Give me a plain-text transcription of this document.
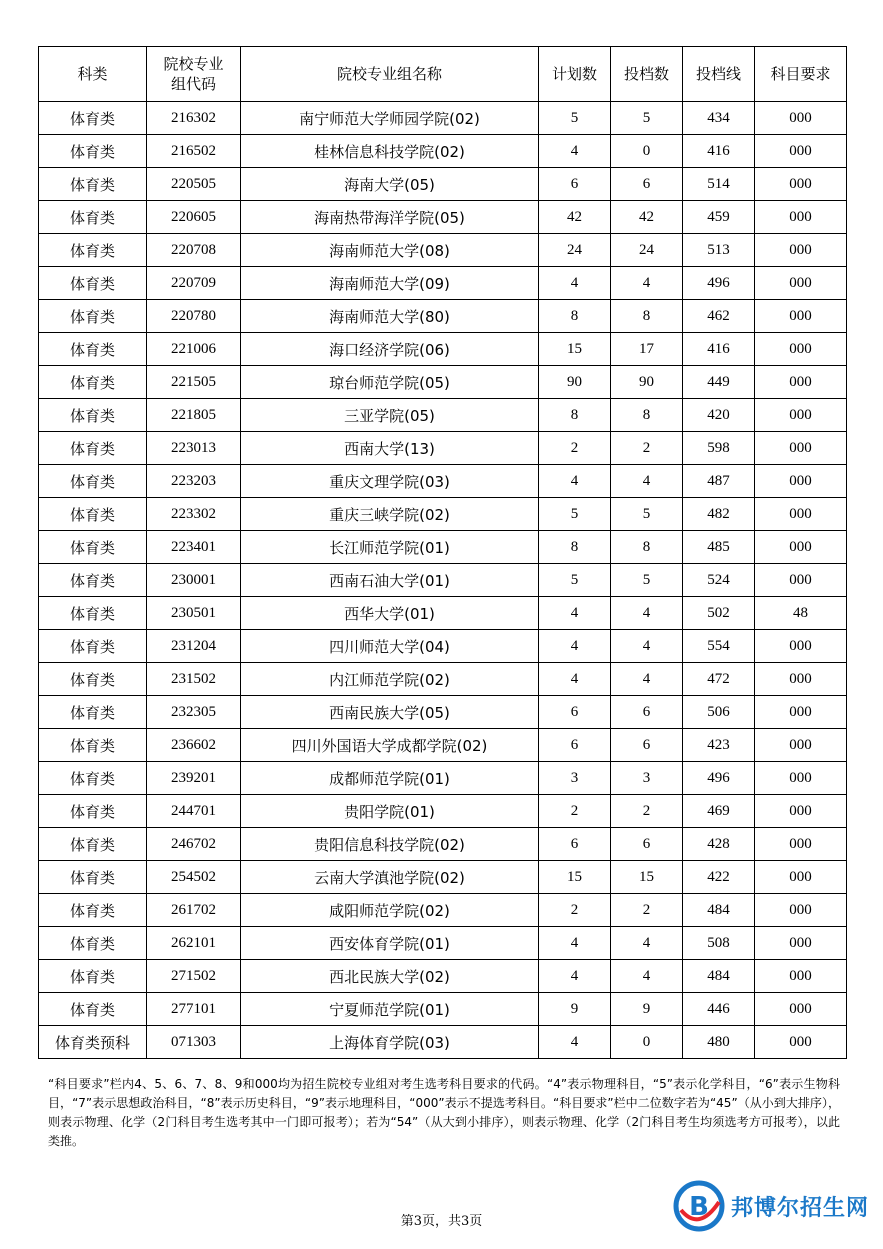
科类	院校专业组代码	院校专业组名称	计划数	投档数	投档线	科目要求
体育类	216302	南宁师范大学师园学院(02)	5	5	434	000
体育类	216502	桂林信息科技学院(02)	4	0	416	000
体育类	220505	海南大学(05)	6	6	514	000
体育类	220605	海南热带海洋学院(05)	42	42	459	000
体育类	220708	海南师范大学(08)	24	24	513	000
体育类	220709	海南师范大学(09)	4	4	496	000
体育类	220780	海南师范大学(80)	8	8	462	000
体育类	221006	海口经济学院(06)	15	17	416	000
体育类	221505	琼台师范学院(05)	90	90	449	000
体育类	221805	三亚学院(05)	8	8	420	000
体育类	223013	西南大学(13)	2	2	598	000
体育类	223203	重庆文理学院(03)	4	4	487	000
体育类	223302	重庆三峡学院(02)	5	5	482	000
体育类	223401	长江师范学院(01)	8	8	485	000
体育类	230001	西南石油大学(01)	5	5	524	000
体育类	230501	西华大学(01)	4	4	502	48
体育类	231204	四川师范大学(04)	4	4	554	000
体育类	231502	内江师范学院(02)	4	4	472	000
体育类	232305	西南民族大学(05)	6	6	506	000
体育类	236602	四川外国语大学成都学院(02)	6	6	423	000
体育类	239201	成都师范学院(01)	3	3	496	000
体育类	244701	贵阳学院(01)	2	2	469	000
体育类	246702	贵阳信息科技学院(02)	6	6	428	000
体育类	254502	云南大学滇池学院(02)	15	15	422	000
体育类	261702	咸阳师范学院(02)	2	2	484	000
体育类	262101	西安体育学院(01)	4	4	508	000
体育类	271502	西北民族大学(02)	4	4	484	000
体育类	277101	宁夏师范学院(01)	9	9	446	000
体育类预科	071303	上海体育学院(03)	4	0	480	000
“科目要求”栏内4、5、6、7、8、9和000均为招生院校专业组对考生选考科目要求的代码。“4”表示物理科目，“5”表示化学科目，“6”表示生物科目，“7”表示思想政治科目，“8”表示历史科目，“9”表示地理科目，“000”表示不提选考科目。“科目要求”栏中二位数字若为“45”（从小到大排序），则表示物理、化学（2门科目考生选考其中一门即可报考）；若为“54”（从大到小排序），则表示物理、化学（2门科目考生均须选考方可报考），以此类推。
第3页，共3页	B 邦博尔招生网
